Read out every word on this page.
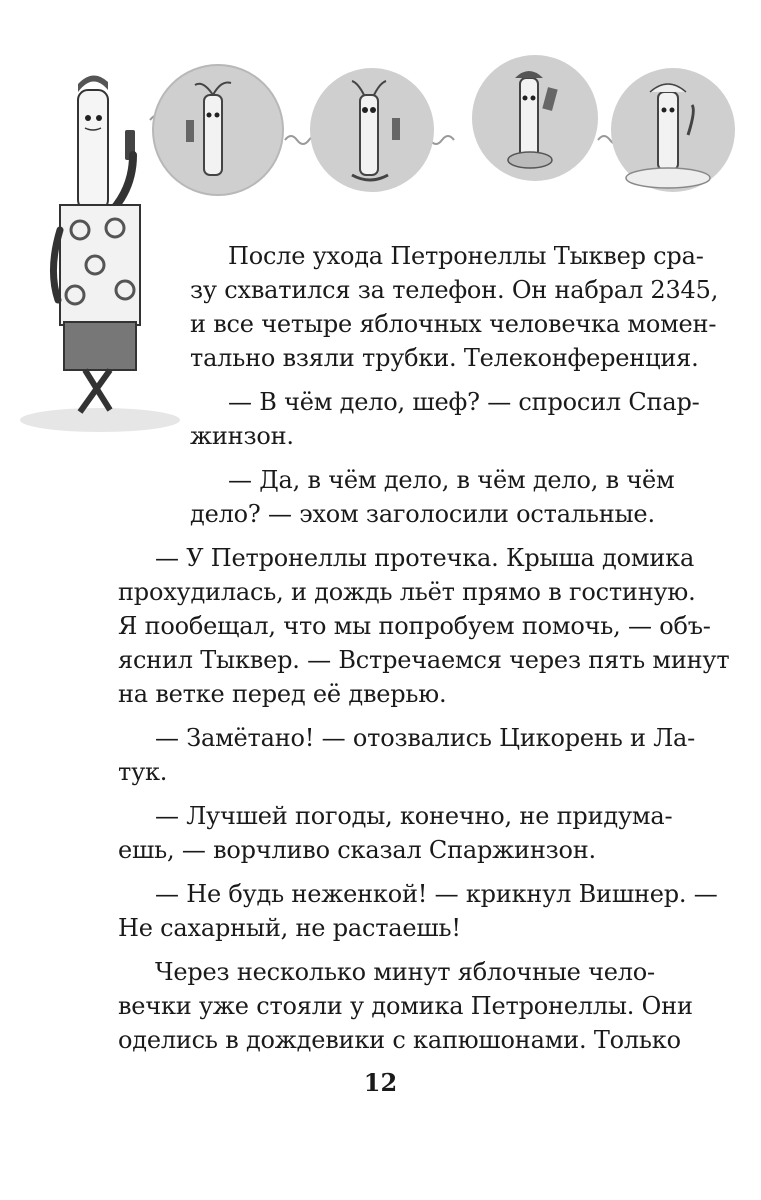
После ухода Петронеллы Тыквер сра-
зу схватился за телефон. Он набрал 2345,
и все четыре яблочных человечка момен-
тально взяли трубки. Телеконференция.
— В чём дело, шеф? — спросил Спар-
жинзон.
— Да, в чём дело, в чём дело, в чём
дело? — эхом заголосили остальные.
— У Петронеллы протечка. Крыша домика
прохудилась, и дождь льёт прямо в гостиную.
Я пообещал, что мы попробуем помочь, — объ-
яснил Тыквер. — Встречаемся через пять минут
на ветке перед её дверью.
— Замётано! — отозвались Цикорень и Ла-
тук.
— Лучшей погоды, конечно, не придума-
ешь, — ворчливо сказал Спаржинзон.
— Не будь неженкой! — крикнул Вишнер. —
Не сахарный, не растаешь!
Через несколько минут яблочные чело-
вечки уже стояли у домика Петронеллы. Они
оделись в дождевики с капюшонами. Только
12
